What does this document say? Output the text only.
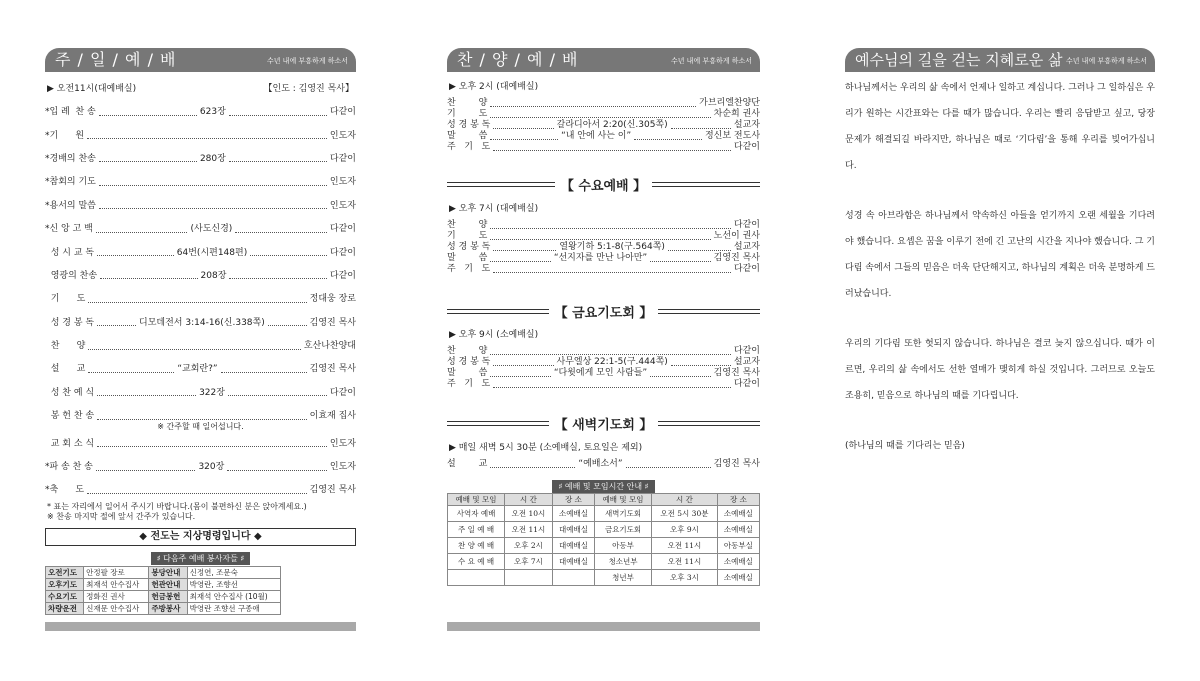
주 / 일 / 예 / 배	수년 내에 부흥하게 하소서
▶ 오전11시(대예배실)	【인도 : 김영진 목사】
*입 례  찬 송	623장	다같이
*기      원	인도자
*경배의 찬송	280장	다같이
*참회의 기도	인도자
*용서의 말씀	인도자
*신 앙 고 백	(사도신경)	다같이
성 시 교 독	64번(시편148편)	다같이
영광의 찬송	208장	다같이
기      도	정대웅 장로
성 경 봉 독	디모데전서 3:14-16(신.338쪽)	김영진 목사
찬      양	호산나찬양대
설      교	“교회란?”	김영진 목사
성 찬 예 식	322장	다같이
봉 헌 찬 송	이효재 집사
※ 간주할 때 일어섭니다.
교 회 소 식	인도자
*파 송 찬 송	320장	인도자
*축      도	김영진 목사
* 표는 자리에서 일어서 주시기 바랍니다.(몸이 불편하신 분은 앉아계세요.)
※ 찬송 마지막 절에 앞서 간주가 있습니다.
◆ 전도는 지상명령입니다 ◆
♯ 다음주 예배 봉사자들 ♯
오전기도	안정팔 장로	봉당안내	신정연, 조문숙
오후기도	최재석 안수집사	헌관안내	박영란, 조향선
수요기도	정화진 권사	헌금봉헌	최재석 안수집사 (10월)
차량운전	신재문 안수집사	주방봉사	박영란 조향선 구종애
찬 / 양 / 예 / 배	수년 내에 부흥하게 하소서
▶ 오후 2시 (대예배실)
찬        양	가브리엘찬양단
기        도	차순희 권사
성 경 봉 독	갈라디아서 2:20(신.305쪽)	설교자
말        씀	“내 안에 사는 이”	정신보 전도사
주   기   도	다같이
【 수요예배 】
▶ 오후 7시 (대예배실)
찬        양	다같이
기        도	노선이 권사
성 경 봉 독	열왕기하 5:1-8(구.564쪽)	설교자
말        씀	“선지자를 만난 나아만”	김영진 목사
주   기   도	다같이
【 금요기도회 】
▶ 오후 9시 (소예배실)
찬        양	다같이
성 경 봉 독	사무엘상 22:1-5(구.444쪽)	설교자
말        씀	“다윗에게 모인 사람들”	김영진 목사
주   기   도	다같이
【 새벽기도회 】
▶ 매일 새벽 5시 30분 (소예배실, 토요일은 제외)
설        교	“예배소서”	김영진 목사
♯ 예배 및 모임시간 안내 ♯
예배 및 모임	시 간	장 소	예배 및 모임	시 간	장 소
사역자 예배	오전 10시	소예배실	새벽기도회	오전 5시 30분	소예배실
주 일 예 배	오전 11시	대예배실	금요기도회	오후 9시	소예배실
찬 양 예 배	오후 2시	대예배실	아동부	오전 11시	아동부실
수 요 예 배	오후 7시	대예배실	청소년부	오전 11시	소예배실
			청년부	오후 3시	소예배실
예수님의 길을 걷는 지혜로운 삶 수년 내에 부흥하게 하소서

하나님께서는 우리의 삶 속에서 언제나 일하고 계십니다. 그러나 그 일하심은 우리가 원하는 시간표와는 다를 때가 많습니다. 우리는 빨리 응답받고 싶고, 당장 문제가 해결되길 바라지만, 하나님은 때로 ‘기다림’을 통해 우리를 빚어가십니다.

성경 속 아브라함은 하나님께서 약속하신 아들을 얻기까지 오랜 세월을 기다려야 했습니다. 요셉은 꿈을 이루기 전에 긴 고난의 시간을 지나야 했습니다. 그 기다림 속에서 그들의 믿음은 더욱 단단해지고, 하나님의 계획은 더욱 분명하게 드러났습니다.

우리의 기다림 또한 헛되지 않습니다. 하나님은 결코 늦지 않으십니다. 때가 이르면, 우리의 삶 속에서도 선한 열매가 맺히게 하실 것입니다. 그러므로 오늘도 조용히, 믿음으로 하나님의 때를 기다립니다.

(하나님의 때를 기다리는 믿음)
